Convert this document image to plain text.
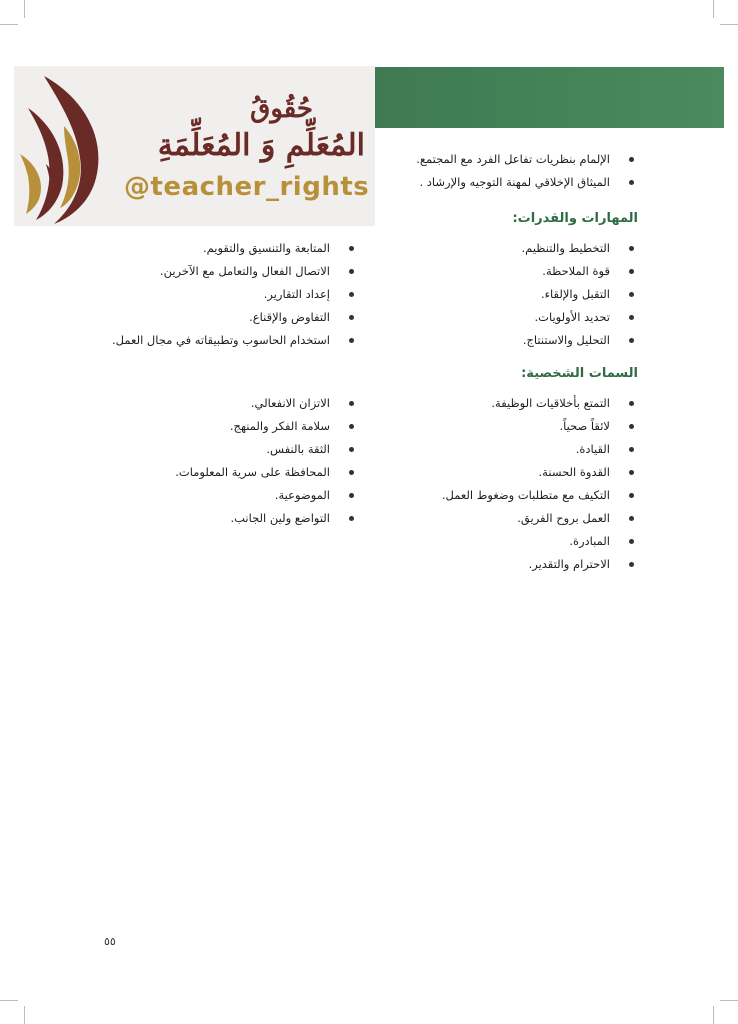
حُقُوقُ
المُعَلِّمِ وَ المُعَلِّمَةِ
@teacher_rights
الإلمام بنظريات تفاعل الفرد مع المجتمع.
الميثاق الإخلاقي لمهنة التوجيه والإرشاد .
المهارات والقدرات:
التخطيط والتنظيم.
قوة الملاحظة.
التقبل والإلقاء.
تحديد الأولويات.
التحليل والاستنتاج.
المتابعة والتنسيق والتقويم.
الاتصال الفعال والتعامل مع الآخرين.
إعداد التقارير.
التفاوض والإقناع.
استخدام الحاسوب وتطبيقاته في مجال العمل.
السمات الشخصية:
التمتع بأخلاقيات الوظيفة.
لائقاً صحياً.
القيادة.
القدوة الحسنة.
التكيف مع متطلبات وضغوط العمل.
العمل بروح الفريق.
المبادرة.
الاحترام والتقدير.
الاتزان الانفعالي.
سلامة الفكر والمنهج.
الثقة بالنفس.
المحافظة على سرية المعلومات.
الموضوعية.
التواضع ولين الجانب.
٥٥
